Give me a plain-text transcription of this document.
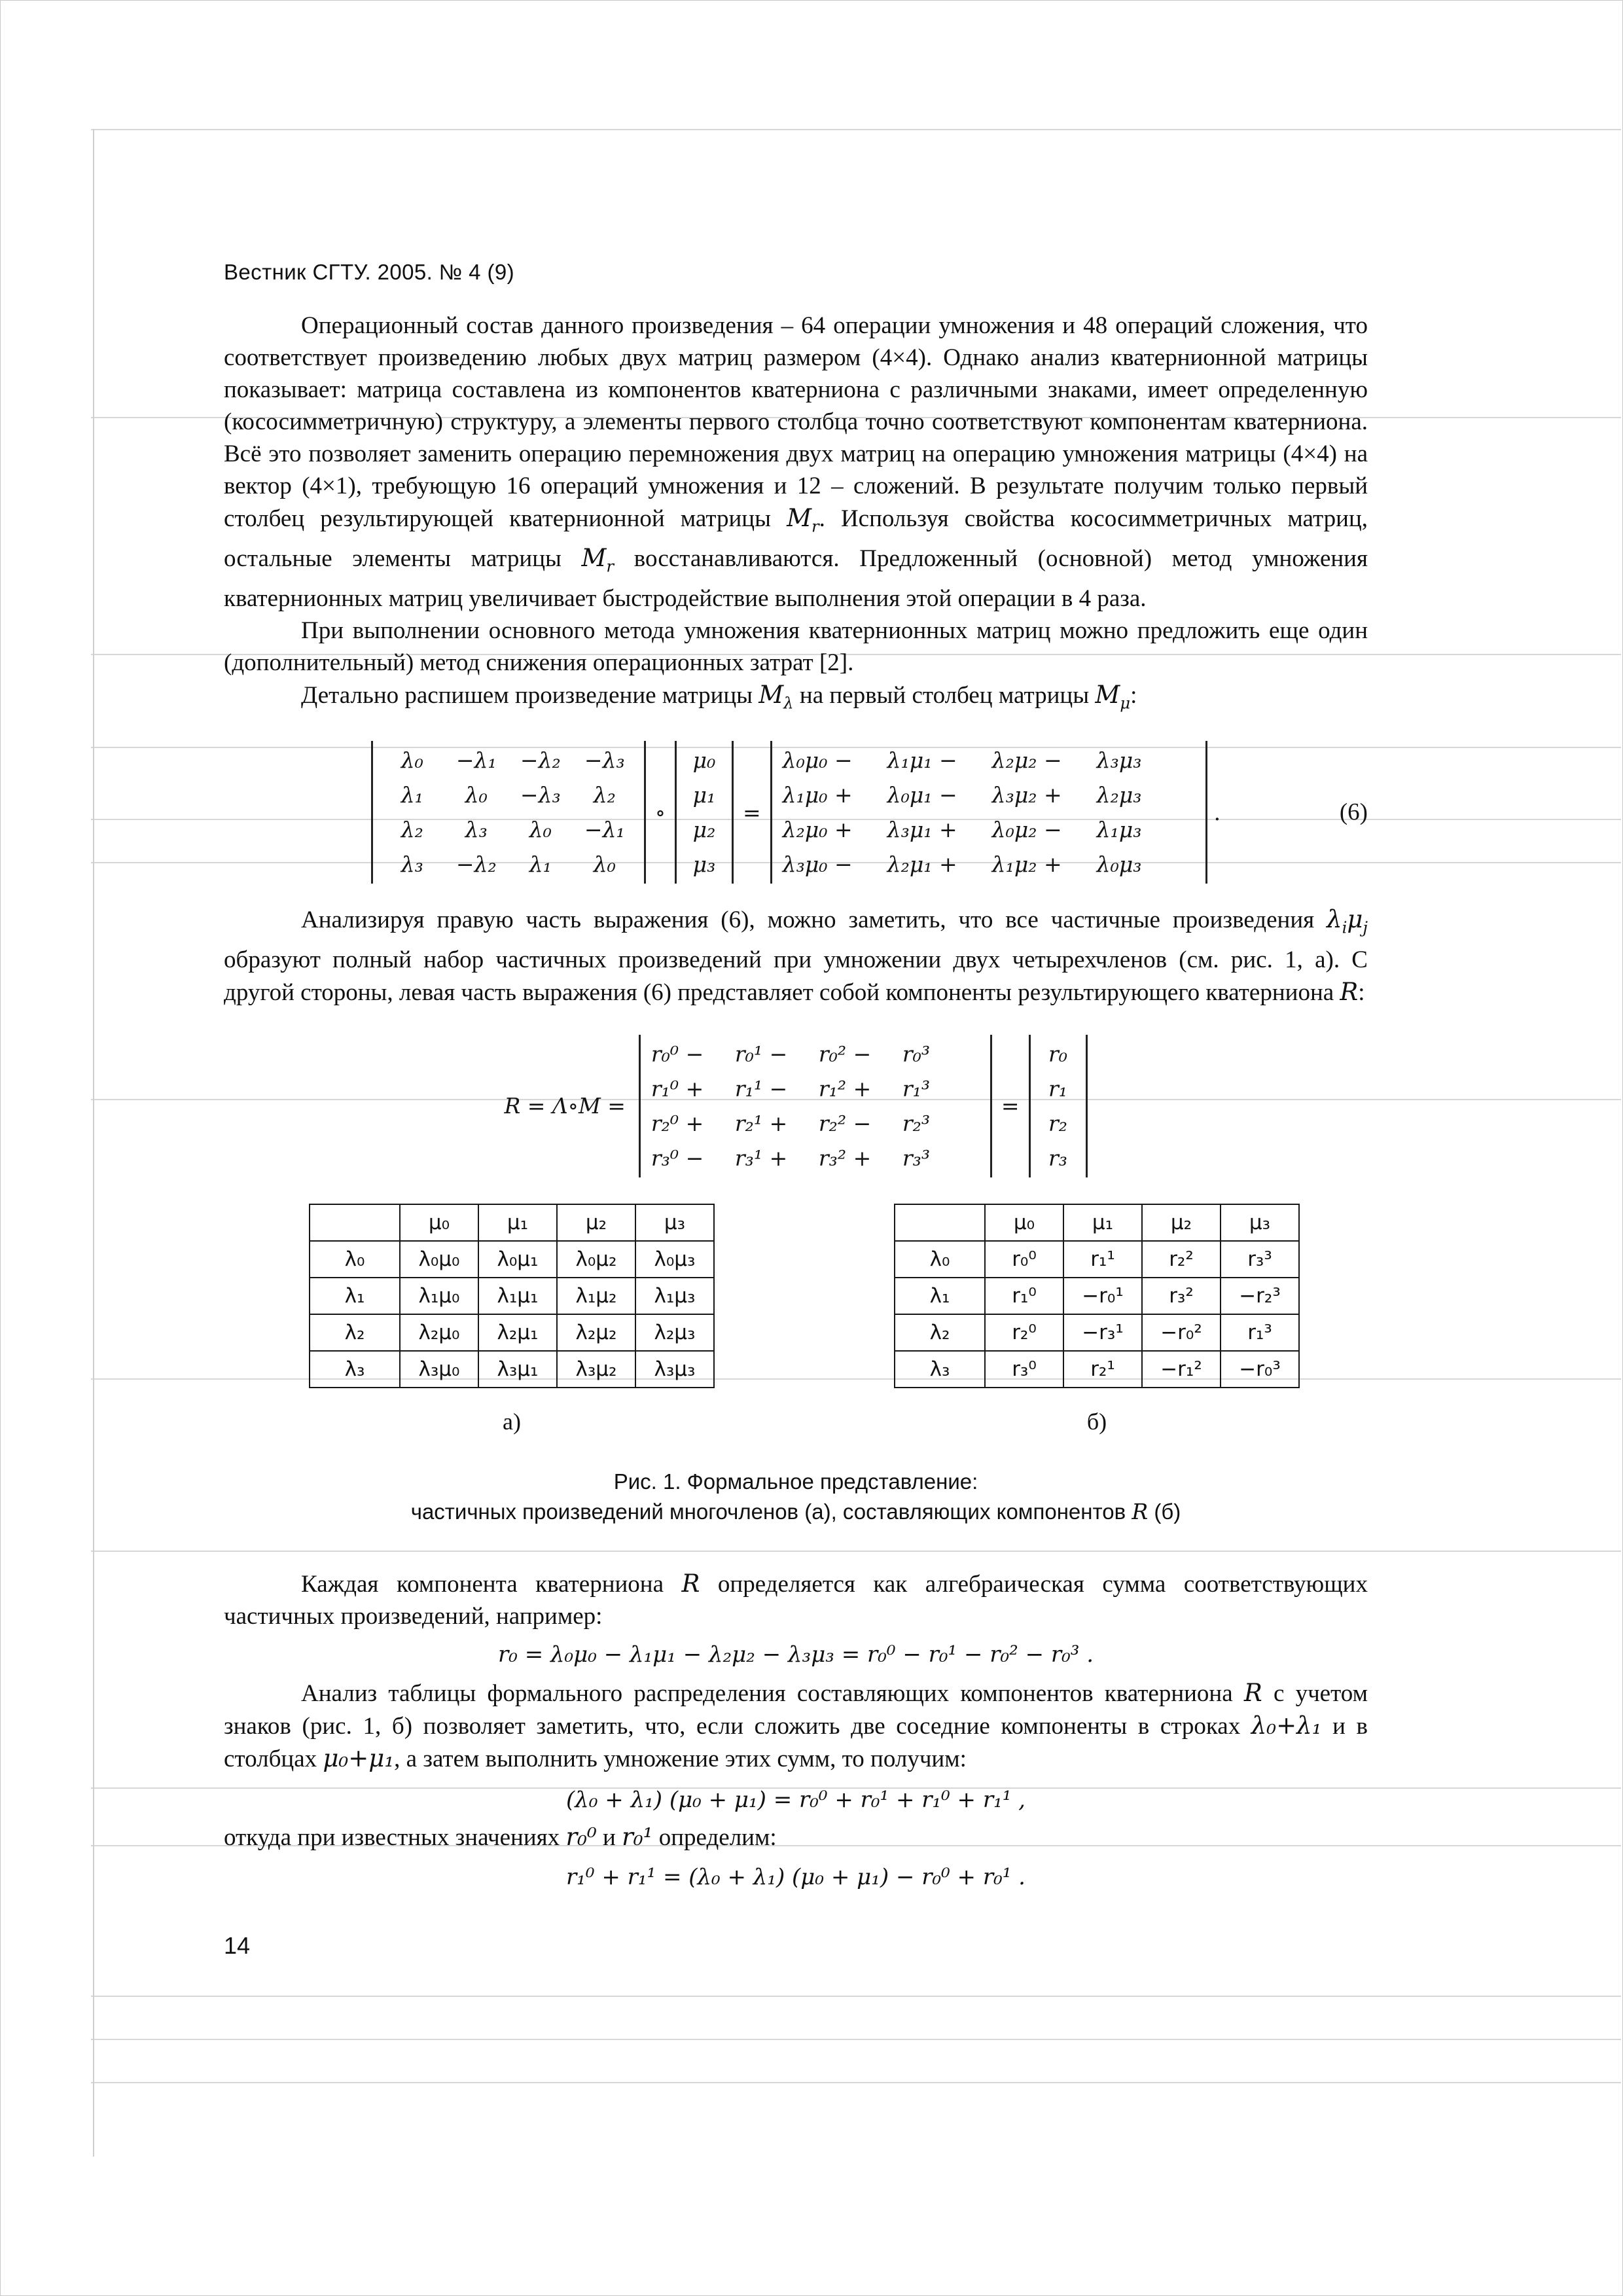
Вестник СГТУ. 2005. № 4 (9)

Операционный состав данного произведения – 64 операции умножения и 48 операций сложения, что соответствует произведению любых двух матриц размером (4×4). Однако анализ кватернионной матрицы показывает: матрица составлена из компонентов кватерниона с различными знаками, имеет определенную (кососимметричную) структуру, а элементы первого столбца точно соответствуют компонентам кватерниона. Всё это позволяет заменить операцию перемножения двух матриц на операцию умножения матрицы (4×4) на вектор (4×1), требующую 16 операций умножения и 12 – сложений. В результате получим только первый столбец результирующей кватернионной матрицы $M_r$. Используя свойства кососимметричных матриц, остальные элементы матрицы $M_r$ восстанавливаются. Предложенный (основной) метод умножения кватернионных матриц увеличивает быстродействие выполнения этой операции в 4 раза.

При выполнении основного метода умножения кватернионных матриц можно предложить еще один (дополнительный) метод снижения операционных затрат [2].

Детально распишем произведение матрицы $M_\lambda$ на первый столбец матрицы $M_\mu$:

λ₀	−λ₁	−λ₂	−λ₃
λ₁	λ₀	−λ₃	λ₂
λ₂	λ₃	λ₀	−λ₁
λ₃	−λ₂	λ₁	λ₀
∘
μ₀
μ₁
μ₂
μ₃
=
λ₀μ₀ −	λ₁μ₁ −	λ₂μ₂ −	λ₃μ₃
λ₁μ₀ +	λ₀μ₁ −	λ₃μ₂ +	λ₂μ₃
λ₂μ₀ +	λ₃μ₁ +	λ₀μ₂ −	λ₁μ₃
λ₃μ₀ −	λ₂μ₁ +	λ₁μ₂ +	λ₀μ₃
.	(6)

Анализируя правую часть выражения (6), можно заметить, что все частичные произведения $\lambda_i\mu_j$ образуют полный набор частичных произведений при умножении двух четырехчленов (см. рис. 1, а). С другой стороны, левая часть выражения (6) представляет собой компоненты результирующего кватерниона R:

R = Λ∘M =
r₀⁰ −	r₀¹ −	r₀² −	r₀³
r₁⁰ +	r₁¹ −	r₁² +	r₁³
r₂⁰ +	r₂¹ +	r₂² −	r₂³
r₃⁰ −	r₃¹ +	r₃² +	r₃³
=
r₀
r₁
r₂
r₃
	μ₀	μ₁	μ₂	μ₃
λ₀	λ₀μ₀	λ₀μ₁	λ₀μ₂	λ₀μ₃
λ₁	λ₁μ₀	λ₁μ₁	λ₁μ₂	λ₁μ₃
λ₂	λ₂μ₀	λ₂μ₁	λ₂μ₂	λ₂μ₃
λ₃	λ₃μ₀	λ₃μ₁	λ₃μ₂	λ₃μ₃
а)
	μ₀	μ₁	μ₂	μ₃
λ₀	r₀⁰	r₁¹	r₂²	r₃³
λ₁	r₁⁰	−r₀¹	r₃²	−r₂³
λ₂	r₂⁰	−r₃¹	−r₀²	r₁³
λ₃	r₃⁰	r₂¹	−r₁²	−r₀³
б)
Рис. 1. Формальное представление:
частичных произведений многочленов (а), составляющих компонентов R (б)

Каждая компонента кватерниона R определяется как алгебраическая сумма соответствующих частичных произведений, например:

r₀ = λ₀μ₀ − λ₁μ₁ − λ₂μ₂ − λ₃μ₃ = r₀⁰ − r₀¹ − r₀² − r₀³ .

Анализ таблицы формального распределения составляющих компонентов кватерниона R с учетом знаков (рис. 1, б) позволяет заметить, что, если сложить две соседние компоненты в строках λ₀+λ₁ и в столбцах μ₀+μ₁, а затем выполнить умножение этих сумм, то получим:

(λ₀ + λ₁) (μ₀ + μ₁) = r₀⁰ + r₀¹ + r₁⁰ + r₁¹ ,

откуда при известных значениях r₀⁰ и r₀¹ определим:

r₁⁰ + r₁¹ = (λ₀ + λ₁) (μ₀ + μ₁) − r₀⁰ + r₀¹ .
14
